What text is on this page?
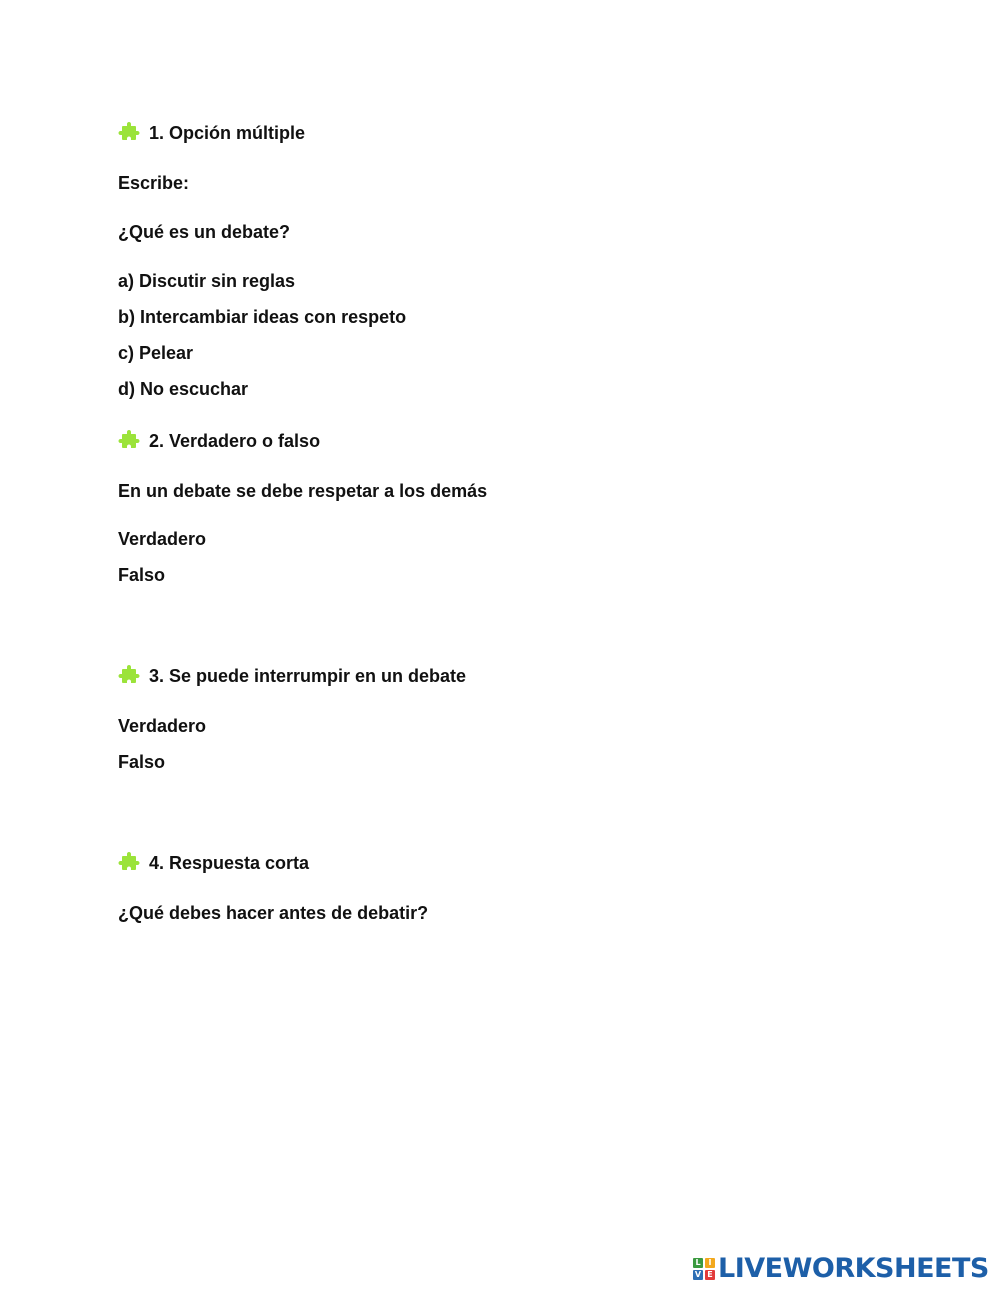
1. Opción múltiple
Escribe:
¿Qué es un debate?
a) Discutir sin reglas
b) Intercambiar ideas con respeto
c) Pelear
d) No escuchar
2. Verdadero o falso
En un debate se debe respetar a los demás
Verdadero
Falso
3. Se puede interrumpir en un debate
Verdadero
Falso
4. Respuesta corta
¿Qué debes hacer antes de debatir?
L I
V E LIVEWORKSHEETS
